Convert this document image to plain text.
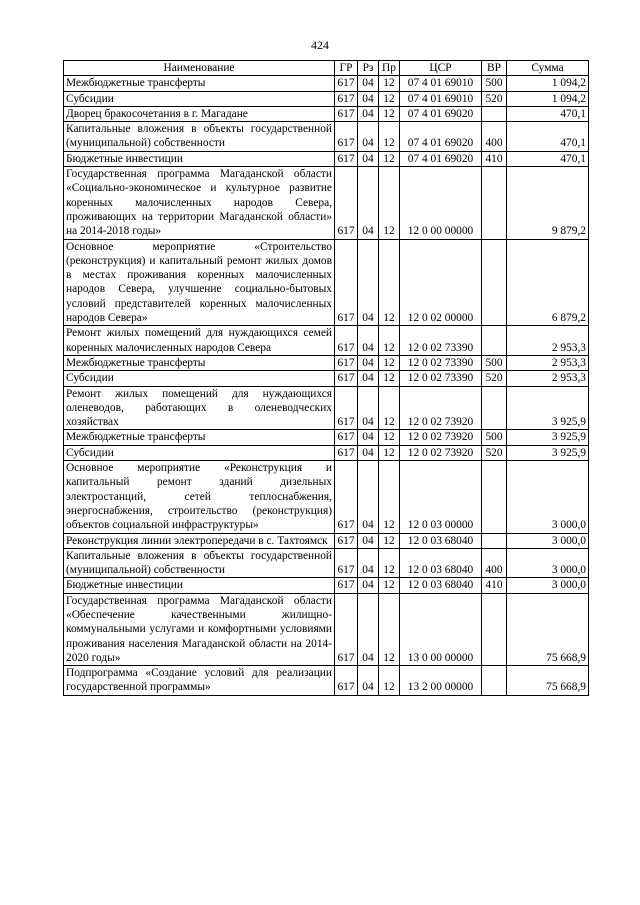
424
Наименование	ГР	Рз	Пр	ЦСР	ВР	Сумма
Межбюджетные трансферты	617	04	12	07 4 01 69010	500	1 094,2
Субсидии	617	04	12	07 4 01 69010	520	1 094,2
Дворец бракосочетания в г. Магадане	617	04	12	07 4 01 69020		470,1
Капитальные вложения в объекты государственной (муниципальной) собственности	617	04	12	07 4 01 69020	400	470,1
Бюджетные инвестиции	617	04	12	07 4 01 69020	410	470,1
Государственная программа Магаданской области «Социально-экономическое и культурное развитие коренных малочисленных народов Севера, проживающих на территории Магаданской области» на 2014-2018 годы»	617	04	12	12 0 00 00000		9 879,2
Основное мероприятие «Строительство (реконструкция) и капитальный ремонт жилых домов в местах проживания коренных малочисленных народов Севера, улучшение социально-бытовых условий представителей коренных малочисленных народов Севера»	617	04	12	12 0 02 00000		6 879,2
Ремонт жилых помещений для нуждающихся семей коренных малочисленных народов Севера	617	04	12	12 0 02 73390		2 953,3
Межбюджетные трансферты	617	04	12	12 0 02 73390	500	2 953,3
Субсидии	617	04	12	12 0 02 73390	520	2 953,3
Ремонт жилых помещений для нуждающихся оленеводов, работающих в оленеводческих хозяйствах	617	04	12	12 0 02 73920		3 925,9
Межбюджетные трансферты	617	04	12	12 0 02 73920	500	3 925,9
Субсидии	617	04	12	12 0 02 73920	520	3 925,9
Основное мероприятие «Реконструкция и капитальный ремонт зданий дизельных электростанций, сетей теплоснабжения, энергоснабжения, строительство (реконструкция) объектов социальной инфраструктуры»	617	04	12	12 0 03 00000		3 000,0
Реконструкция линии электропередачи в с. Тахтоямск	617	04	12	12 0 03 68040		3 000,0
Капитальные вложения в объекты государственной (муниципальной) собственности	617	04	12	12 0 03 68040	400	3 000,0
Бюджетные инвестиции	617	04	12	12 0 03 68040	410	3 000,0
Государственная программа Магаданской области «Обеспечение качественными жилищно-коммунальными услугами и комфортными условиями проживания населения Магаданской области на 2014-2020 годы»	617	04	12	13 0 00 00000		75 668,9
Подпрограмма «Создание условий для реализации государственной программы»	617	04	12	13 2 00 00000		75 668,9
